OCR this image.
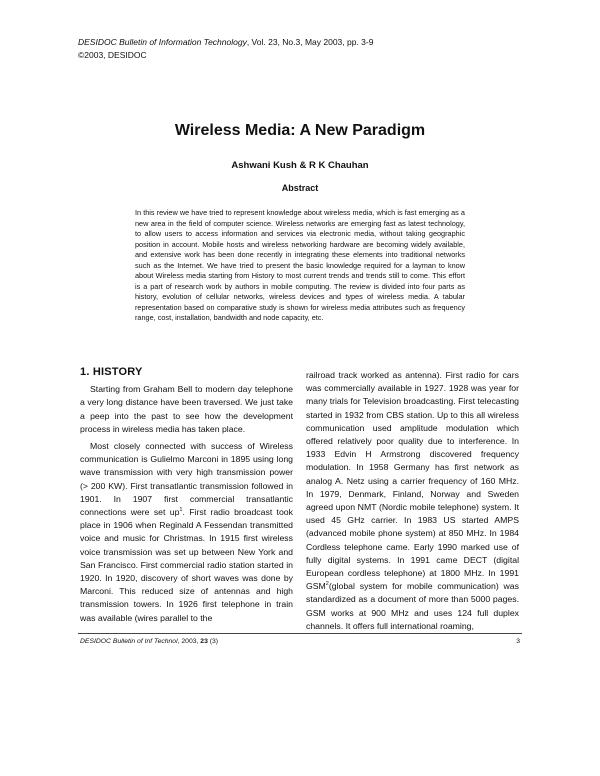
DESIDOC Bulletin of Information Technology, Vol. 23, No.3, May 2003, pp. 3-9
©2003, DESIDOC
Wireless Media: A New Paradigm
Ashwani Kush & R K Chauhan
Abstract
In this review we have tried to represent knowledge about wireless media, which is fast emerging as a new area in the field of computer science. Wireless networks are emerging fast as latest technology, to allow users to access information and services via electronic media, without taking geographic position in account. Mobile hosts and wireless networking hardware are becoming widely available, and extensive work has been done recently in integrating these elements into traditional networks such as the Internet. We have tried to present the basic knowledge required for a layman to know about Wireless media starting from History to most current trends and trends still to come. This effort is a part of research work by authors in mobile computing. The review is divided into four parts as history, evolution of cellular networks, wireless devices and types of wireless media. A tabular representation based on comparative study is shown for wireless media attributes such as frequency range, cost, installation, bandwidth and node capacity, etc.
1. HISTORY

Starting from Graham Bell to modern day telephone a very long distance have been traversed. We just take a peep into the past to see how the development process in wireless media has taken place.

Most closely connected with success of Wireless communication is Gulielmo Marconi in 1895 using long wave transmission with very high transmission power (> 200 KW). First transatlantic transmission followed in 1901. In 1907 first commercial transatlantic connections were set $up^1$. First radio broadcast took place in 1906 when Reginald A Fessendan transmitted voice and music for Christmas. In 1915 first wireless voice transmission was set up between New York and San Francisco. First commercial radio station started in 1920. In 1920, discovery of short waves was done by Marconi. This reduced size of antennas and high transmission towers. In 1926 first telephone in train was available (wires parallel to the

railroad track worked as antenna). First radio for cars was commercially available in 1927. 1928 was year for many trials for Television broadcasting. First telecasting started in 1932 from CBS station. Up to this all wireless communication used amplitude modulation which offered relatively poor quality due to interference. In 1933 Edvin H Armstrong discovered frequency modulation. In 1958 Germany has first network as analog A. Netz using a carrier frequency of 160 MHz. In 1979, Denmark, Finland, Norway and Sweden agreed upon NMT (Nordic mobile telephone) system. It used 45 GHz carrier. In 1983 US started AMPS (advanced mobile phone system) at 850 MHz. In 1984 Cordless telephone came. Early 1990 marked use of fully digital systems. In 1991 came DECT (digital European cordless telephone) at 1800 MHz. In 1991 GSM$^2$(global system for mobile communication) was standardized as a document of more than 5000 pages. GSM works at 900 MHz and uses 124 full duplex channels. It offers full international roaming,

DESIDOC Bulletin of Inf Technol, 2003, 23 (3)	3
